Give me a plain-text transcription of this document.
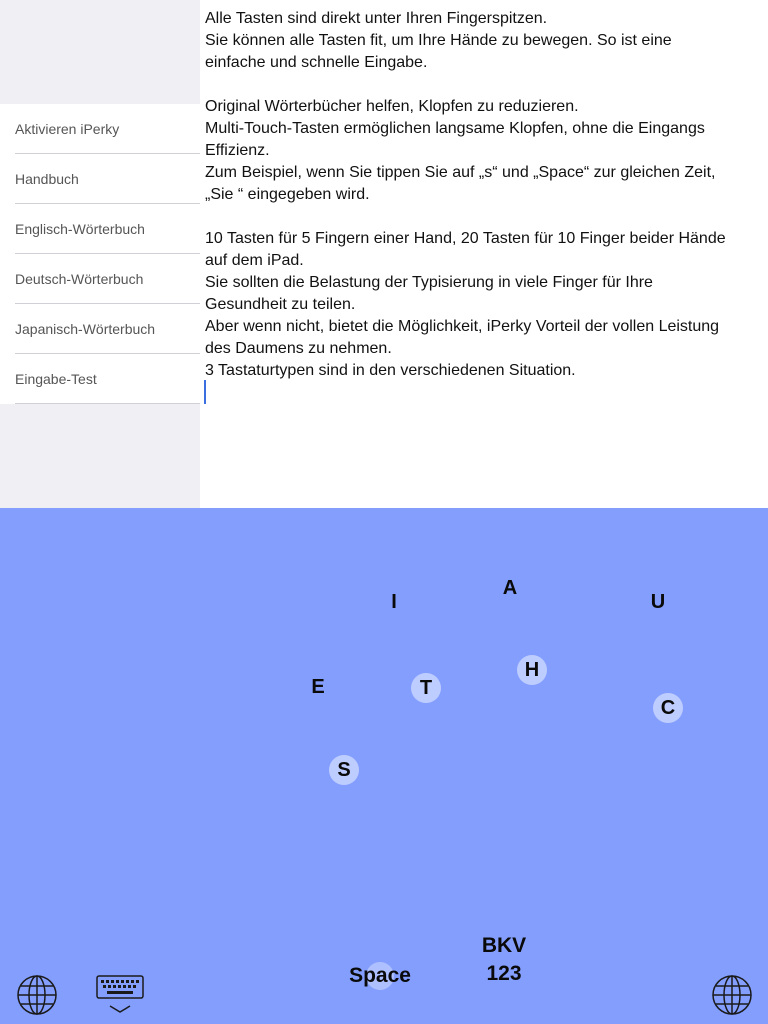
Aktivieren iPerky
Handbuch
Englisch-Wörterbuch
Deutsch-Wörterbuch
Japanisch-Wörterbuch
Eingabe-Test
Alle Tasten sind direkt unter Ihren Fingerspitzen.
Sie können alle Tasten fit, um Ihre Hände zu bewegen. So ist eine
einfache und schnelle Eingabe.
Original Wörterbücher helfen, Klopfen zu reduzieren.
Multi-Touch-Tasten ermöglichen langsame Klopfen, ohne die Eingangs
Effizienz.
Zum Beispiel, wenn Sie tippen Sie auf „s“ und „Space“ zur gleichen Zeit,
„Sie “ eingegeben wird.
10 Tasten für 5 Fingern einer Hand, 20 Tasten für 10 Finger beider Hände
auf dem iPad.
Sie sollten die Belastung der Typisierung in viele Finger für Ihre
Gesundheit zu teilen.
Aber wenn nicht, bietet die Möglichkeit, iPerky Vorteil der vollen Leistung
des Daumens zu nehmen.
3 Tastaturtypen sind in den verschiedenen Situation.
I
A
U
H
E	T
C
S
BKV
123
Space
